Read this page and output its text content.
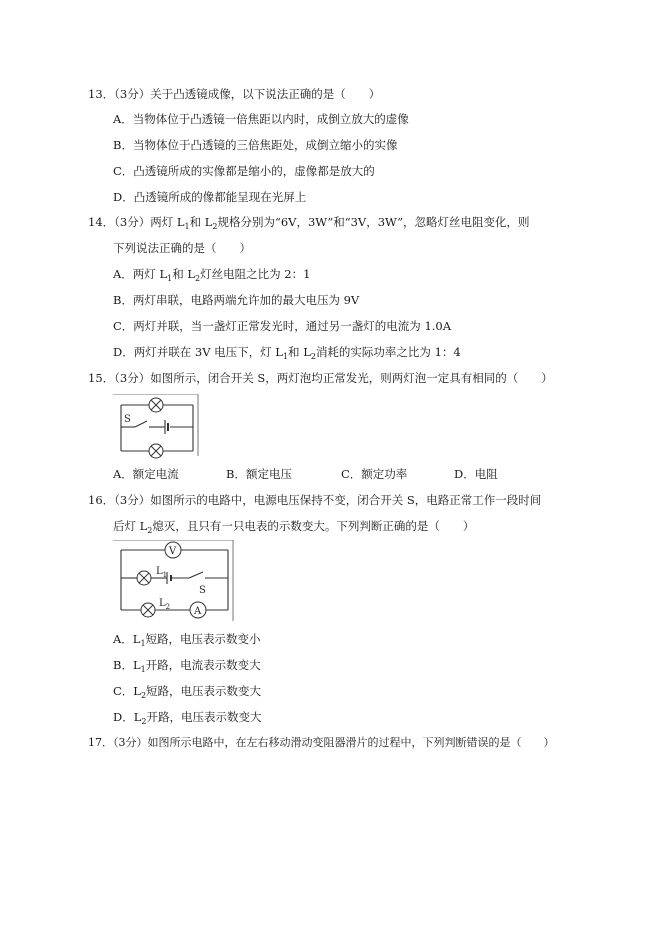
13．（3分）关于凸透镜成像，以下说法正确的是（　　）
A．当物体位于凸透镜一倍焦距以内时，成倒立放大的虚像
B．当物体位于凸透镜的三倍焦距处，成倒立缩小的实像
C．凸透镜所成的实像都是缩小的，虚像都是放大的
D．凸透镜所成的像都能呈现在光屏上
14．（3分）两灯 $L_1$和 $L_2$规格分别为“6V，3W”和“3V，3W”，忽略灯丝电阻变化，则
下列说法正确的是（　　）
A．两灯 $L_1$和 $L_2$灯丝电阻之比为 2：1
B．两灯串联，电路两端允许加的最大电压为 9V
C．两灯并联，当一盏灯正常发光时，通过另一盏灯的电流为 1.0A
D．两灯并联在 3V 电压下，灯 $L_1$和 $L_2$消耗的实际功率之比为 1：4
15．（3分）如图所示，闭合开关 S，两灯泡均正常发光，则两灯泡一定具有相同的（　　）
S
A．额定电流	B．额定电压	C．额定功率	D．电阻
16．（3分）如图所示的电路中，电源电压保持不变，闭合开关 S，电路正常工作一段时间
后灯 $L_2$熄灭，且只有一只电表的示数变大。下列判断正确的是（　　）
V
$L_1$
S
$L_2$ A
A．$L_1$短路，电压表示数变小
B．$L_1$开路，电流表示数变大
C．$L_2$短路，电压表示数变大
D．$L_2$开路，电压表示数变大
17．（3分）如图所示电路中，在左右移动滑动变阻器滑片的过程中，下列判断错误的是（　　）
